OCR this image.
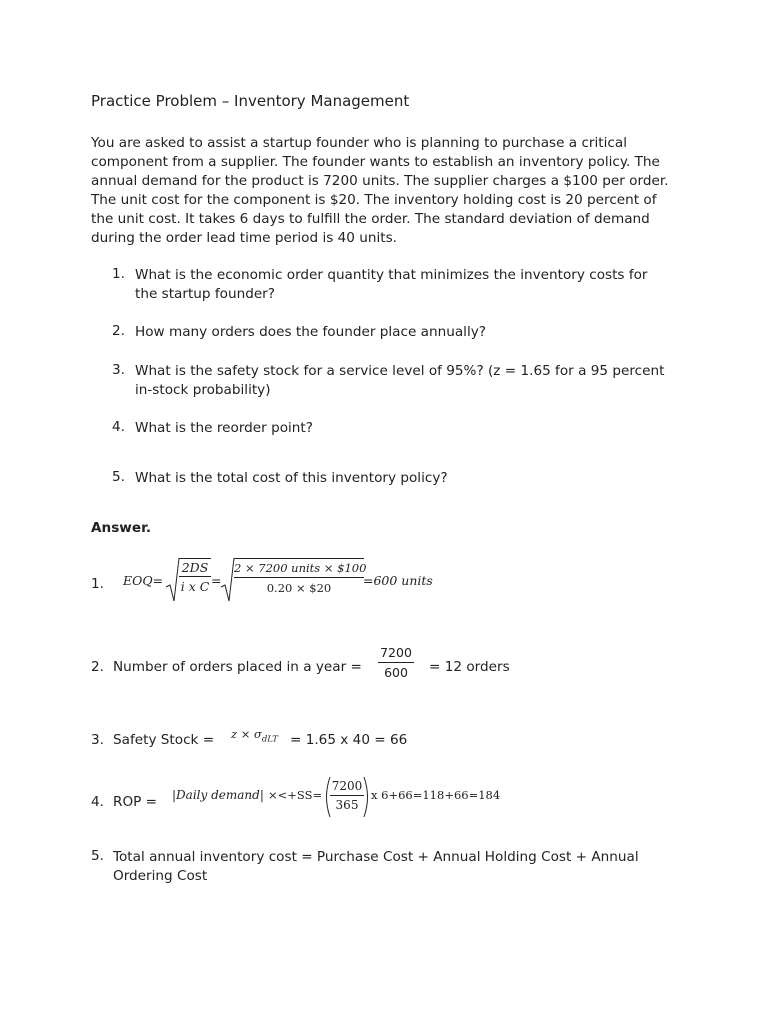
Practice Problem – Inventory Management
You are asked to assist a startup founder who is planning to purchase a critical
component from a supplier. The founder wants to establish an inventory policy. The
annual demand for the product is 7200 units. The supplier charges a $100 per order.
The unit cost for the component is $20. The inventory holding cost is 20 percent of
the unit cost. It takes 6 days to fulfill the order. The standard deviation of demand
during the order lead time period is 40 units.
1. What is the economic order quantity that minimizes the inventory costs for
the startup founder?
2. How many orders does the founder place annually?
3. What is the safety stock for a service level of 95%? (z = 1.65 for a 95 percent
in-stock probability)
4. What is the reorder point?
5. What is the total cost of this inventory policy?
Answer.
1. $EOQ= \frac{2DS}{\text{i x C}}$ =
2 × 7200 units × $100
0.20 × $20	=600 units
2. Number of orders placed in a year = $\frac{7200}{600} = 12$ orders
3. Safety Stock = $z \times \sigma_{dLT} = 1.65$ x 40 = 66
4. ROP = |Daily demand| $\times<+SS= \frac{7200}{365}$ x 6+66=118+66=184
5. Total annual inventory cost = Purchase Cost + Annual Holding Cost + Annual
Ordering Cost
